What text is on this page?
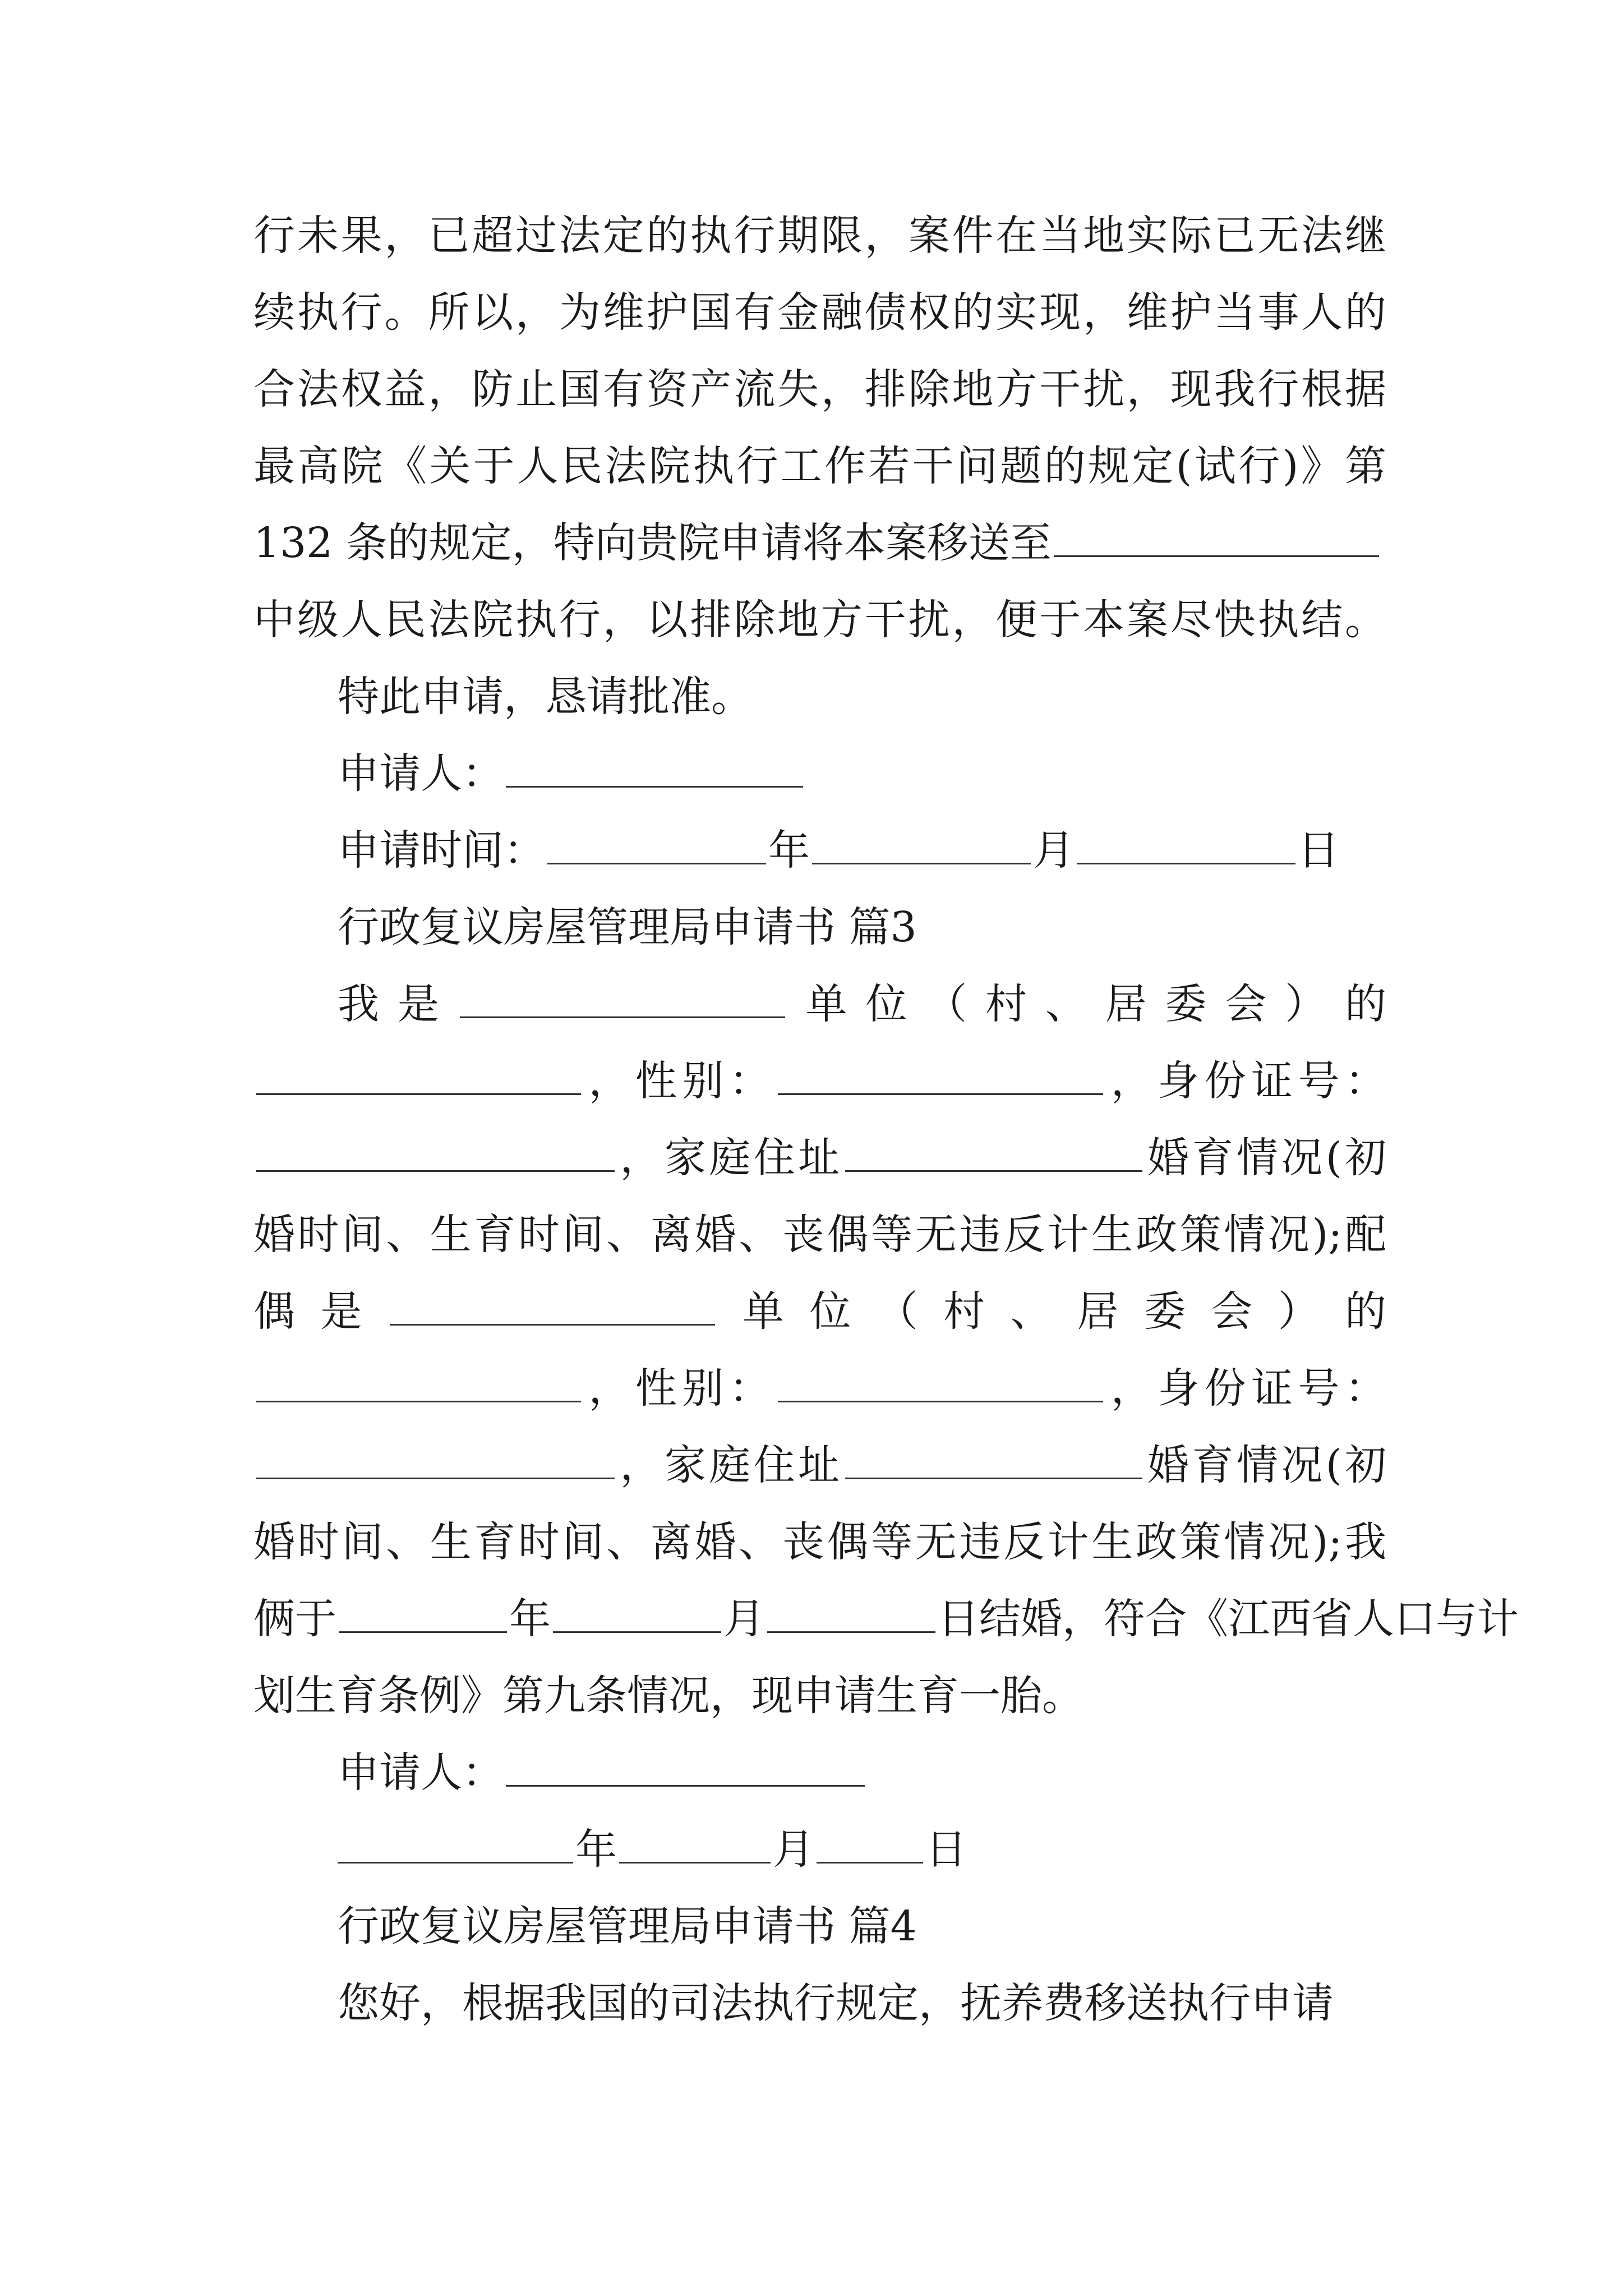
行未果，已超过法定的执行期限，案件在当地实际已无法继
续执行。所以，为维护国有金融债权的实现，维护当事人的
合法权益，防止国有资产流失，排除地方干扰，现我行根据
最高院《关于人民法院执行工作若干问题的规定(试行)》第
132 条的规定，特向贵院申请将本案移送至
中级人民法院执行，以排除地方干扰，便于本案尽快执结。
特此申请，恳请批准。
申请人：
申请时间：	年	月	日
行政复议房屋管理局申请书 篇3
我是	单位（村、居委会）的
，性别：	，身份证号：
，家庭住址	婚育情况(初
婚时间、生育时间、离婚、丧偶等无违反计生政策情况);配
偶是	单位（村、居委会）的
，性别：	，身份证号：
，家庭住址	婚育情况(初
婚时间、生育时间、离婚、丧偶等无违反计生政策情况);我
俩于	年	月	日结婚，符合《江西省人口与计
划生育条例》第九条情况，现申请生育一胎。
申请人：
年	月	日
行政复议房屋管理局申请书 篇4
您好，根据我国的司法执行规定，抚养费移送执行申请
